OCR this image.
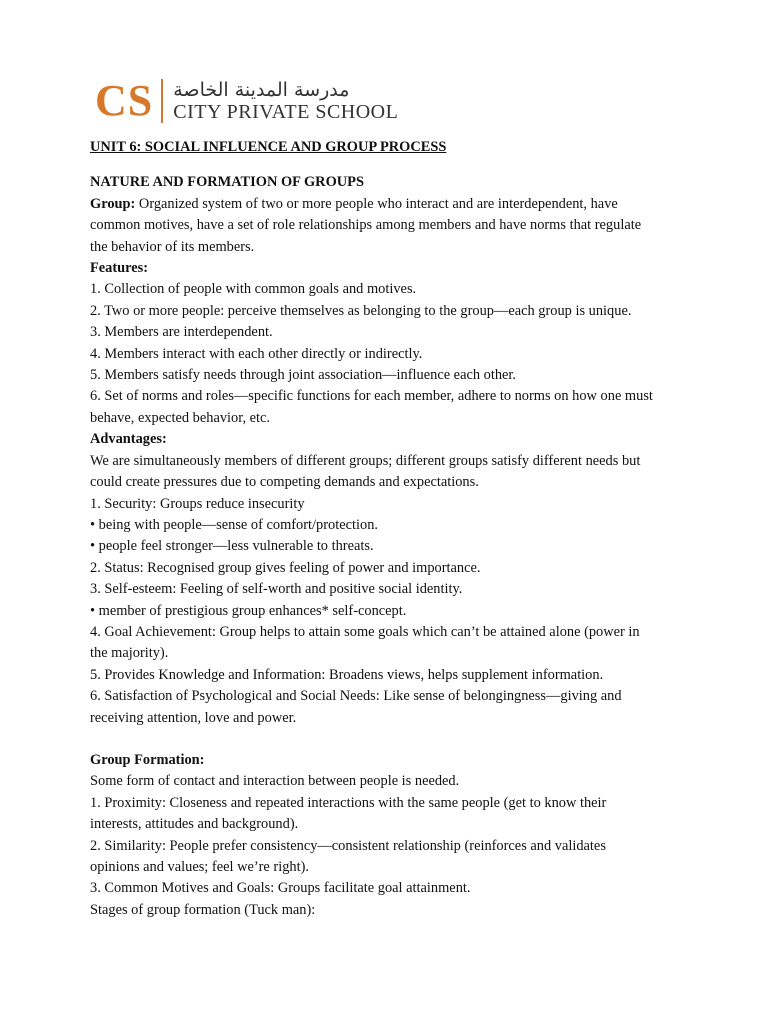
CS مدرسة المدينة الخاصة
CITY PRIVATE SCHOOL

UNIT 6: SOCIAL INFLUENCE AND GROUP PROCESS

NATURE AND FORMATION OF GROUPS

Group: Organized system of two or more people who interact and are interdependent, have

common motives, have a set of role relationships among members and have norms that regulate

the behavior of its members.

Features:

1. Collection of people with common goals and motives.

2. Two or more people: perceive themselves as belonging to the group—each group is unique.

3. Members are interdependent.

4. Members interact with each other directly or indirectly.

5. Members satisfy needs through joint association—influence each other.

6. Set of norms and roles—specific functions for each member, adhere to norms on how one must

behave, expected behavior, etc.

Advantages:

We are simultaneously members of different groups; different groups satisfy different needs but

could create pressures due to competing demands and expectations.

1. Security: Groups reduce insecurity

• being with people—sense of comfort/protection.

• people feel stronger—less vulnerable to threats.

2. Status: Recognised group gives feeling of power and importance.

3. Self-esteem: Feeling of self-worth and positive social identity.

• member of prestigious group enhances* self-concept.

4. Goal Achievement: Group helps to attain some goals which can’t be attained alone (power in

the majority).

5. Provides Knowledge and Information: Broadens views, helps supplement information.

6. Satisfaction of Psychological and Social Needs: Like sense of belongingness—giving and

receiving attention, love and power.

Group Formation:

Some form of contact and interaction between people is needed.

1. Proximity: Closeness and repeated interactions with the same people (get to know their

interests, attitudes and background).

2. Similarity: People prefer consistency—consistent relationship (reinforces and validates

opinions and values; feel we’re right).

3. Common Motives and Goals: Groups facilitate goal attainment.

Stages of group formation (Tuck man):
